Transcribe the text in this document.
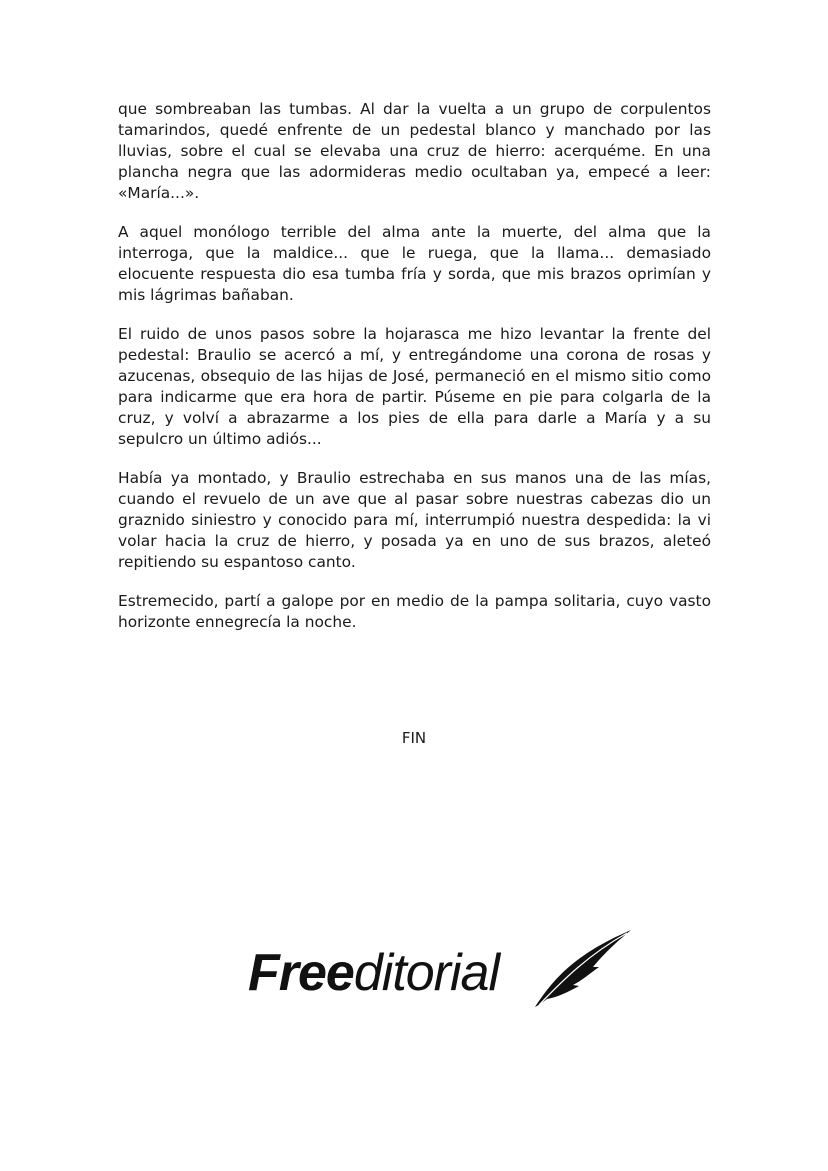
que sombreaban las tumbas. Al dar la vuelta a un grupo de corpulentos tamarindos, quedé enfrente de un pedestal blanco y manchado por las lluvias, sobre el cual se elevaba una cruz de hierro: acerquéme. En una plancha negra que las adormideras medio ocultaban ya, empecé a leer: «María...».

A aquel monólogo terrible del alma ante la muerte, del alma que la interroga, que la maldice... que le ruega, que la llama... demasiado elocuente respuesta dio esa tumba fría y sorda, que mis brazos oprimían y mis lágrimas bañaban.

El ruido de unos pasos sobre la hojarasca me hizo levantar la frente del pedestal: Braulio se acercó a mí, y entregándome una corona de rosas y azucenas, obsequio de las hijas de José, permaneció en el mismo sitio como para indicarme que era hora de partir. Púseme en pie para colgarla de la cruz, y volví a abrazarme a los pies de ella para darle a María y a su sepulcro un último adiós...

Había ya montado, y Braulio estrechaba en sus manos una de las mías, cuando el revuelo de un ave que al pasar sobre nuestras cabezas dio un graznido siniestro y conocido para mí, interrumpió nuestra despedida: la vi volar hacia la cruz de hierro, y posada ya en uno de sus brazos, aleteó repitiendo su espantoso canto.

Estremecido, partí a galope por en medio de la pampa solitaria, cuyo vasto horizonte ennegrecía la noche.

FIN
Freeditorial
